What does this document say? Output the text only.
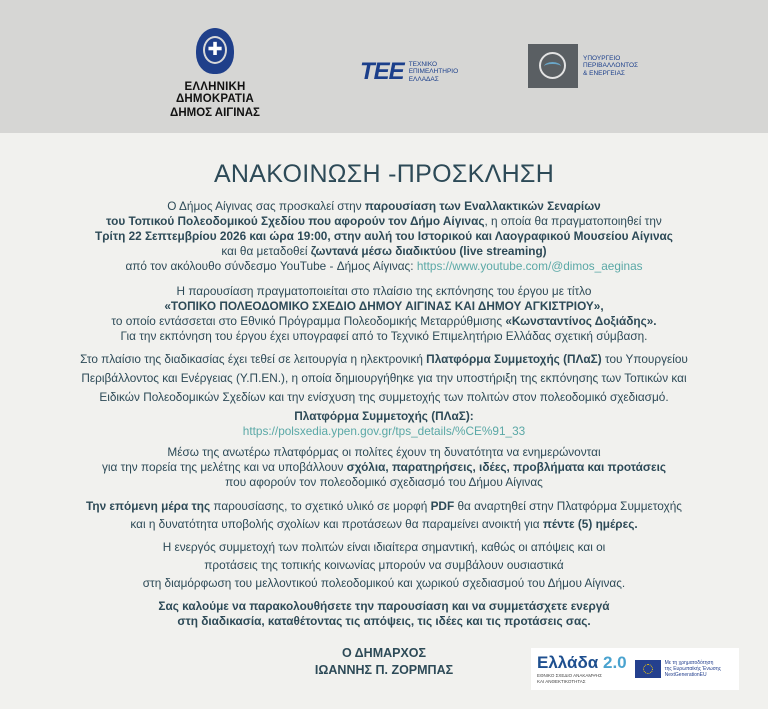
✚
ΕΛΛΗΝΙΚΗ ΔΗΜΟΚΡΑΤΙΑ
ΔΗΜΟΣ ΑΙΓΙΝΑΣ
ТЕЕ ΤΕΧΝΙΚΟ
ΕΠΙΜΕΛΗΤΗΡΙΟ
ΕΛΛΑΔΑΣ
ΥΠΟΥΡΓΕΙΟ
ΠΕΡΙΒΑΛΛΟΝΤΟΣ
& ΕΝΕΡΓΕΙΑΣ
ΑΝΑΚΟΙΝΩΣΗ -ΠΡΟΣΚΛΗΣΗ

Ο Δήμος Αίγινας σας προσκαλεί στην παρουσίαση των Εναλλακτικών Σεναρίων

του Τοπικού Πολεοδομικού Σχεδίου που αφορούν τον Δήμο Αίγινας, η οποία θα πραγματοποιηθεί την

Τρίτη 22 Σεπτεμβρίου 2026 και ώρα 19:00, στην αυλή του Ιστορικού και Λαογραφικού Μουσείου Αίγινας

και θα μεταδοθεί ζωντανά μέσω διαδικτύου (live streaming)

από τον ακόλουθο σύνδεσμο YouTube - Δήμος Αίγινας: https://www.youtube.com/@dimos_aeginas

Η παρουσίαση πραγματοποιείται στο πλαίσιο της εκπόνησης του έργου με τίτλο

«ΤΟΠΙΚΟ ΠΟΛΕΟΔΟΜΙΚΟ ΣΧΕΔΙΟ ΔΗΜΟΥ ΑΙΓΙΝΑΣ ΚΑΙ ΔΗΜΟΥ ΑΓΚΙΣΤΡΙΟΥ»,

το οποίο εντάσσεται στο Εθνικό Πρόγραμμα Πολεοδομικής Μεταρρύθμισης «Κωνσταντίνος Δοξιάδης».

Για την εκπόνηση του έργου έχει υπογραφεί από το Τεχνικό Επιμελητήριο Ελλάδας σχετική σύμβαση.

Στο πλαίσιο της διαδικασίας έχει τεθεί σε λειτουργία η ηλεκτρονική Πλατφόρμα Συμμετοχής (ΠΛαΣ) του Υπουργείου

Περιβάλλοντος και Ενέργειας (Υ.Π.ΕΝ.), η οποία δημιουργήθηκε για την υποστήριξη της εκπόνησης των Τοπικών και

Ειδικών Πολεοδομικών Σχεδίων και την ενίσχυση της συμμετοχής των πολιτών στον πολεοδομικό σχεδιασμό.

Πλατφόρμα Συμμετοχής (ΠΛαΣ):

https://polsxedia.ypen.gov.gr/tps_details/%CE%91_33

Μέσω της ανωτέρω πλατφόρμας οι πολίτες έχουν τη δυνατότητα να ενημερώνονται

για την πορεία της μελέτης και να υποβάλλουν σχόλια, παρατηρήσεις, ιδέες, προβλήματα και προτάσεις

που αφορούν τον πολεοδομικό σχεδιασμό του Δήμου Αίγινας

Την επόμενη μέρα της παρουσίασης, το σχετικό υλικό σε μορφή PDF θα αναρτηθεί στην Πλατφόρμα Συμμετοχής

και η δυνατότητα υποβολής σχολίων και προτάσεων θα παραμείνει ανοικτή για πέντε (5) ημέρες.

Η ενεργός συμμετοχή των πολιτών είναι ιδιαίτερα σημαντική, καθώς οι απόψεις και οι

προτάσεις της τοπικής κοινωνίας μπορούν να συμβάλουν ουσιαστικά

στη διαμόρφωση του μελλοντικού πολεοδομικού και χωρικού σχεδιασμού του Δήμου Αίγινας.

Σας καλούμε να παρακολουθήσετε την παρουσίαση και να συμμετάσχετε ενεργά

στη διαδικασία, καταθέτοντας τις απόψεις, τις ιδέες και τις προτάσεις σας.

Ο ΔΗΜΑΡΧΟΣ
ΙΩΑΝΝΗΣ Π. ΖΟΡΜΠΑΣ	Ελλάδα 2.0
ΕΘΝΙΚΟ ΣΧΕΔΙΟ ΑΝΑΚΑΜΨΗΣ
ΚΑΙ ΑΝΘΕΚΤΙΚΟΤΗΤΑΣ
Με τη χρηματοδότηση
της Ευρωπαϊκής Ένωσης
NextGenerationEU
